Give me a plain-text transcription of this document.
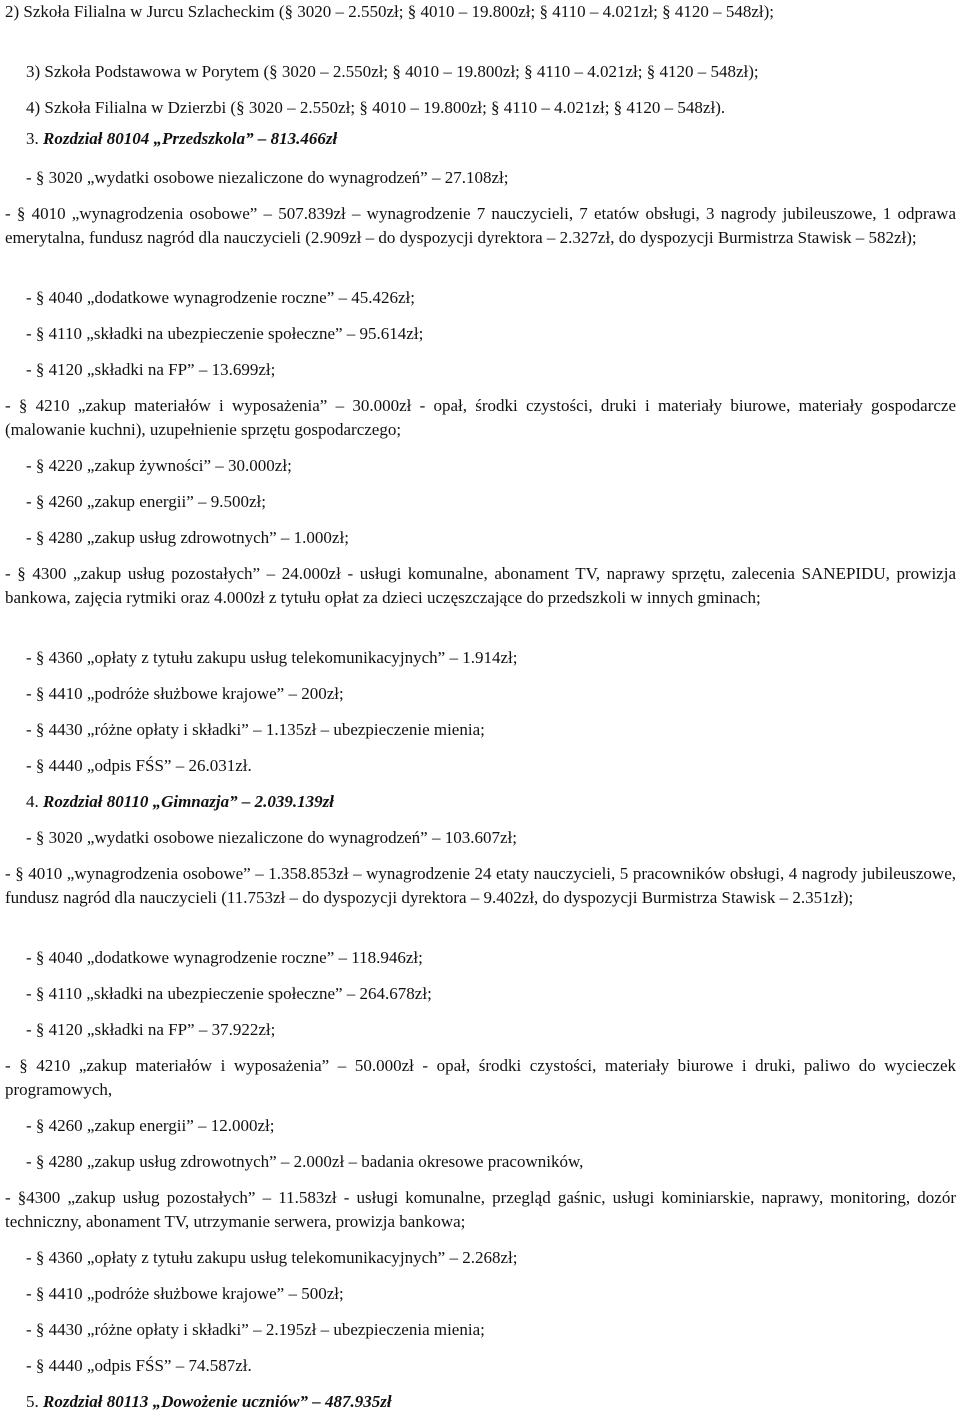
2) Szkoła Filialna w Jurcu Szlacheckim (§ 3020 – 2.550zł; § 4010 – 19.800zł; § 4110 – 4.021zł; § 4120 – 548zł);

3) Szkoła Podstawowa w Porytem (§ 3020 – 2.550zł; § 4010 – 19.800zł; § 4110 – 4.021zł; § 4120 – 548zł);

4) Szkoła Filialna w Dzierzbi (§ 3020 – 2.550zł; § 4010 – 19.800zł; § 4110 – 4.021zł; § 4120 – 548zł).

3. Rozdział 80104 „Przedszkola” – 813.466zł

- § 3020 „wydatki osobowe niezaliczone do wynagrodzeń” – 27.108zł;

- § 4010 „wynagrodzenia osobowe” – 507.839zł – wynagrodzenie 7 nauczycieli, 7 etatów obsługi, 3 nagrody jubileuszowe, 1 odprawa emerytalna, fundusz nagród dla nauczycieli (2.909zł – do dyspozycji dyrektora – 2.327zł, do dyspozycji Burmistrza Stawisk – 582zł);

- § 4040 „dodatkowe wynagrodzenie roczne” – 45.426zł;

- § 4110 „składki na ubezpieczenie społeczne” – 95.614zł;

- § 4120 „składki na FP” – 13.699zł;

- § 4210 „zakup materiałów i wyposażenia” – 30.000zł - opał, środki czystości, druki i materiały biurowe, materiały gospodarcze (malowanie kuchni), uzupełnienie sprzętu gospodarczego;

- § 4220 „zakup żywności” – 30.000zł;

- § 4260 „zakup energii” – 9.500zł;

- § 4280 „zakup usług zdrowotnych” – 1.000zł;

- § 4300 „zakup usług pozostałych” – 24.000zł - usługi komunalne, abonament TV, naprawy sprzętu, zalecenia SANEPIDU, prowizja bankowa, zajęcia rytmiki oraz 4.000zł z tytułu opłat za dzieci uczęszczające do przedszkoli w innych gminach;

- § 4360 „opłaty z tytułu zakupu usług telekomunikacyjnych” – 1.914zł;

- § 4410 „podróże służbowe krajowe” – 200zł;

- § 4430 „różne opłaty i składki” – 1.135zł – ubezpieczenie mienia;

- § 4440 „odpis FŚS” – 26.031zł.

4. Rozdział 80110 „Gimnazja” – 2.039.139zł

- § 3020 „wydatki osobowe niezaliczone do wynagrodzeń” – 103.607zł;

- § 4010 „wynagrodzenia osobowe” – 1.358.853zł – wynagrodzenie 24 etaty nauczycieli, 5 pracowników obsługi, 4 nagrody jubileuszowe, fundusz nagród dla nauczycieli (11.753zł – do dyspozycji dyrektora – 9.402zł, do dyspozycji Burmistrza Stawisk – 2.351zł);

- § 4040 „dodatkowe wynagrodzenie roczne” – 118.946zł;

- § 4110 „składki na ubezpieczenie społeczne” – 264.678zł;

- § 4120 „składki na FP” – 37.922zł;

- § 4210 „zakup materiałów i wyposażenia” – 50.000zł - opał, środki czystości, materiały biurowe i druki, paliwo do wycieczek programowych,

- § 4260 „zakup energii” – 12.000zł;

- § 4280 „zakup usług zdrowotnych” – 2.000zł – badania okresowe pracowników,

- §4300 „zakup usług pozostałych” – 11.583zł - usługi komunalne, przegląd gaśnic, usługi kominiarskie, naprawy, monitoring, dozór techniczny, abonament TV, utrzymanie serwera, prowizja bankowa;

- § 4360 „opłaty z tytułu zakupu usług telekomunikacyjnych” – 2.268zł;

- § 4410 „podróże służbowe krajowe” – 500zł;

- § 4430 „różne opłaty i składki” – 2.195zł – ubezpieczenia mienia;

- § 4440 „odpis FŚS” – 74.587zł.

5. Rozdział 80113 „Dowożenie uczniów” – 487.935zł
